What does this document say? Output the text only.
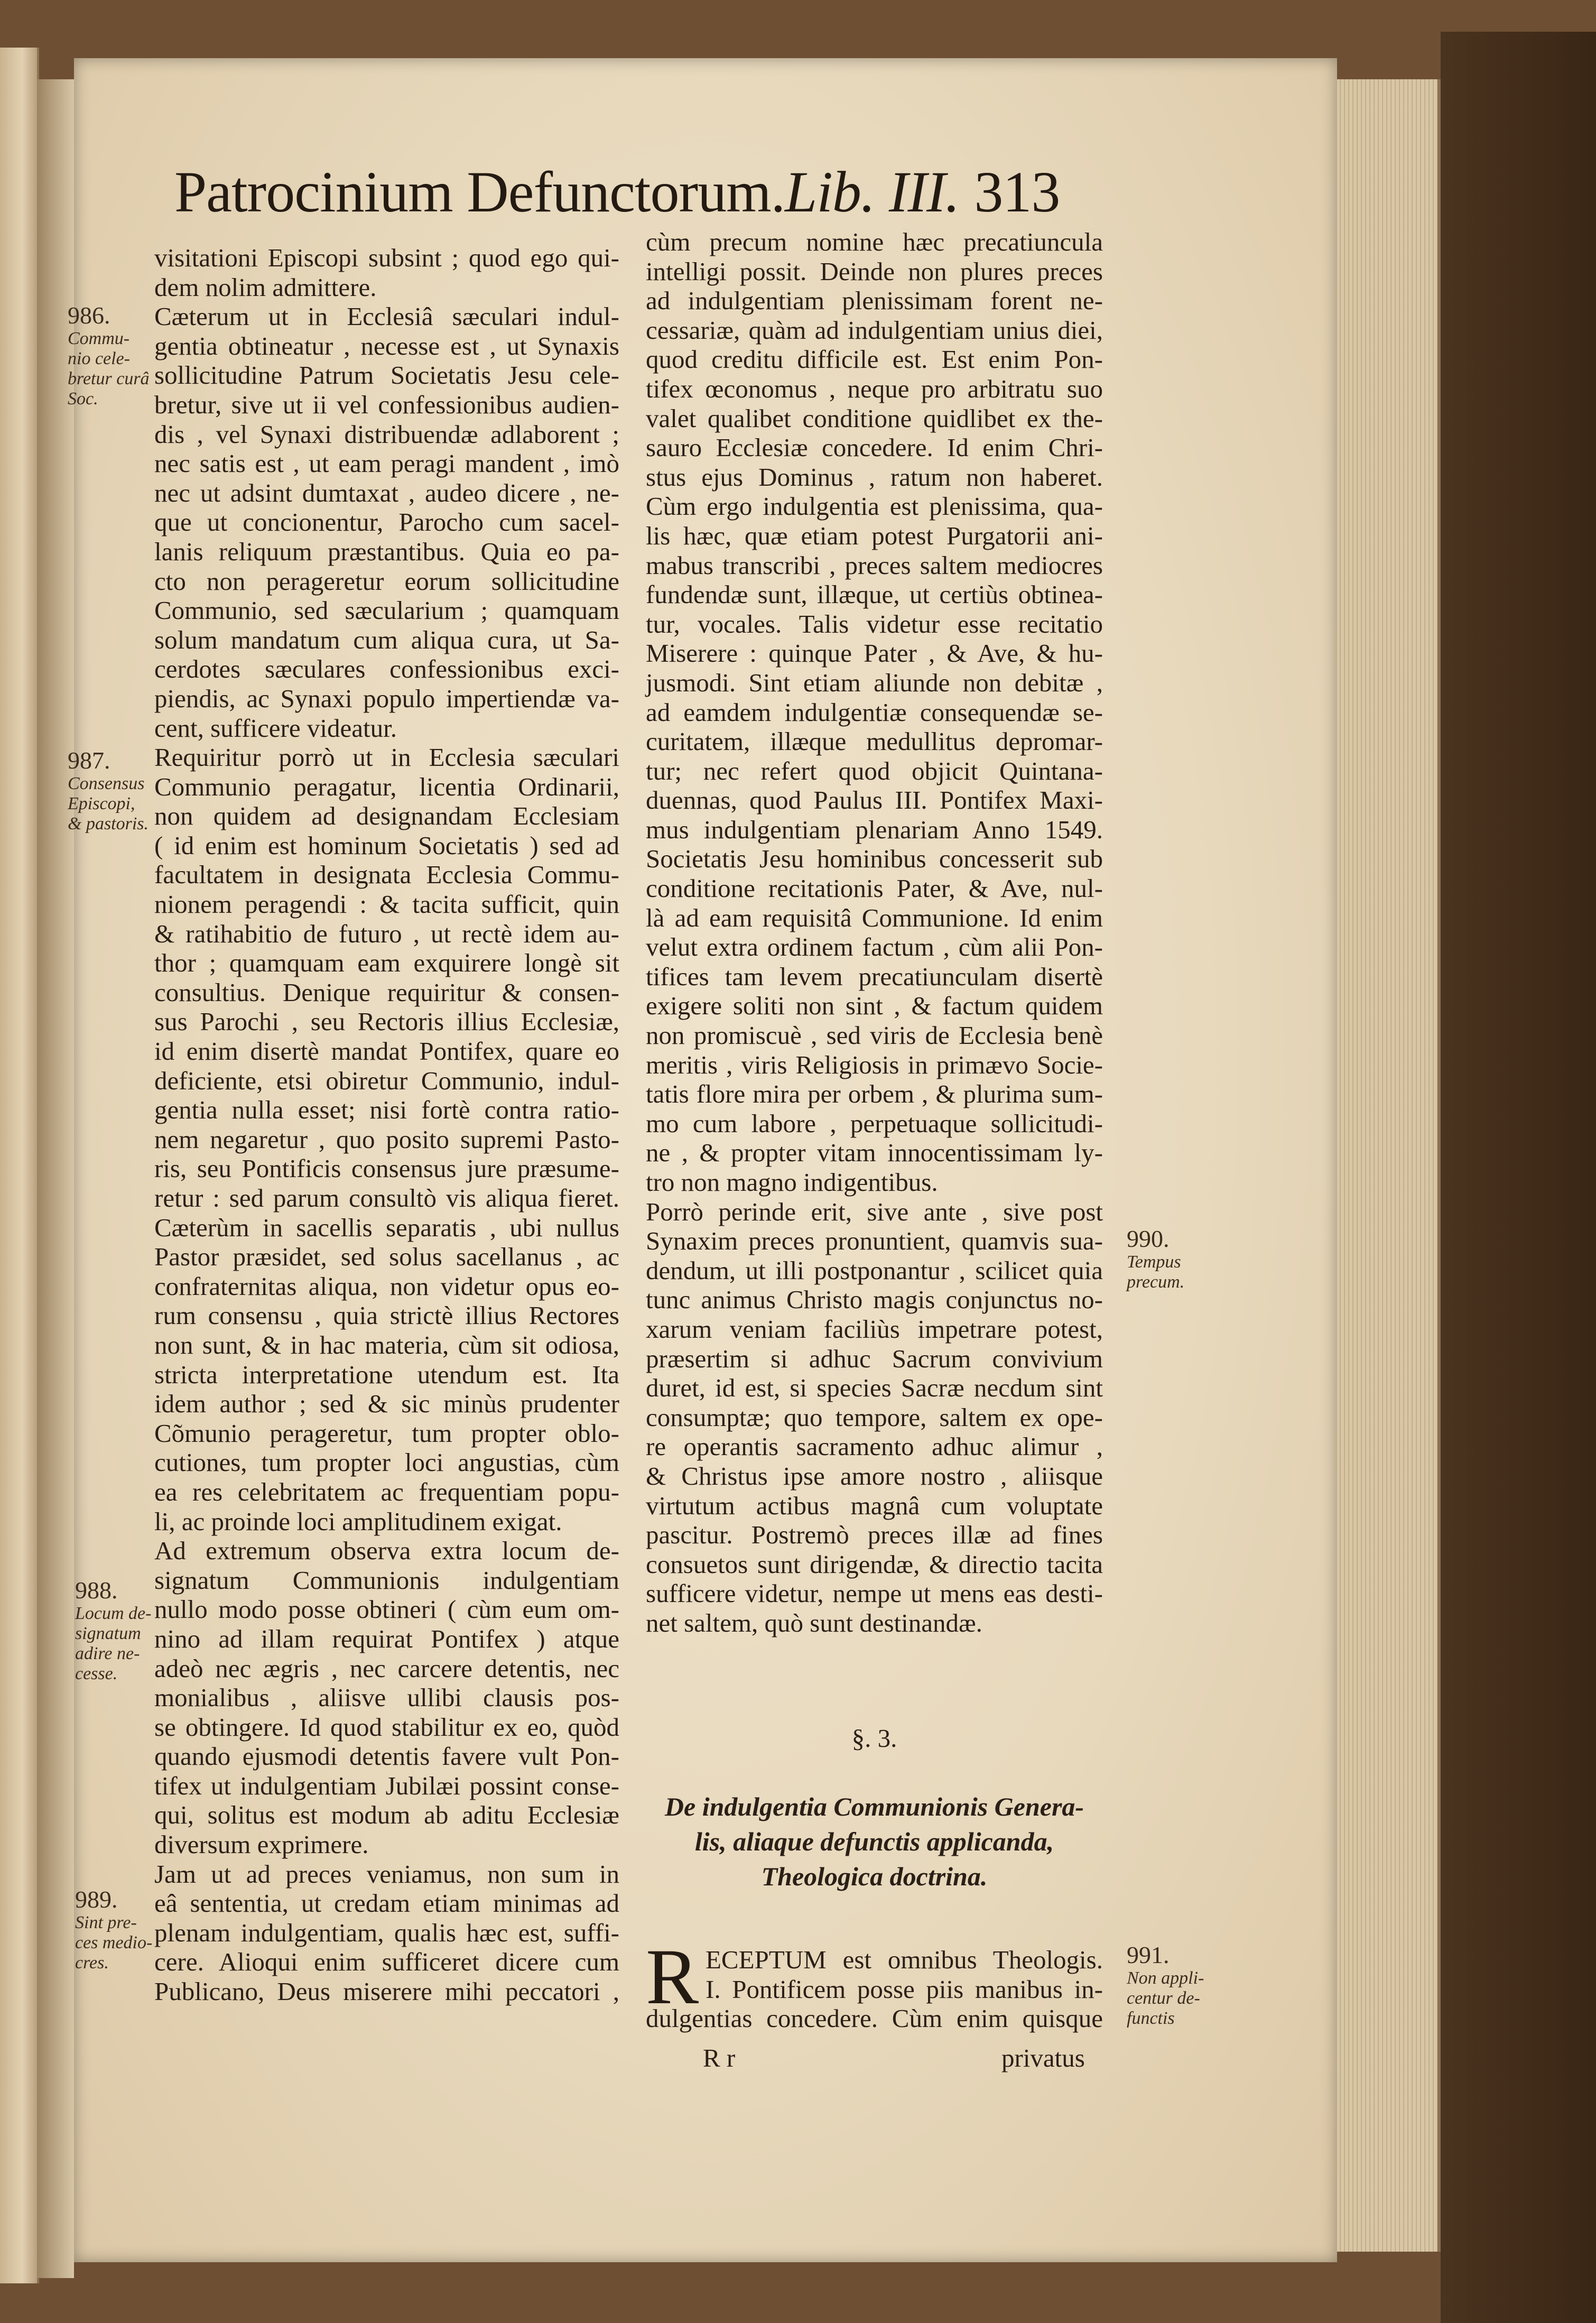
Patrocinium Defunctorum.Lib. III. 313
visitationi Episcopi subsint ; quod ego qui-
dem nolim admittere.
Cæterum ut in Ecclesiâ sæculari indul-
gentia obtineatur , necesse est , ut Synaxis
sollicitudine Patrum Societatis Jesu cele-
bretur, sive ut ii vel confessionibus audien-
dis , vel Synaxi distribuendæ adlaborent ;
nec satis est , ut eam peragi mandent , imò
nec ut adsint dumtaxat , audeo dicere , ne-
que ut concionentur, Parocho cum sacel-
lanis reliquum præstantibus. Quia eo pa-
cto non perageretur eorum sollicitudine
Communio, sed sæcularium ; quamquam
solum mandatum cum aliqua cura, ut Sa-
cerdotes sæculares confessionibus exci-
piendis, ac Synaxi populo impertiendæ va-
cent, sufficere videatur.
Requiritur porrò ut in Ecclesia sæculari
Communio peragatur, licentia Ordinarii,
non quidem ad designandam Ecclesiam
( id enim est hominum Societatis ) sed ad
facultatem in designata Ecclesia Commu-
nionem peragendi : & tacita sufficit, quin
& ratihabitio de futuro , ut rectè idem au-
thor ; quamquam eam exquirere longè sit
consultius. Denique requiritur & consen-
sus Parochi , seu Rectoris illius Ecclesiæ,
id enim disertè mandat Pontifex, quare eo
deficiente, etsi obiretur Communio, indul-
gentia nulla esset; nisi fortè contra ratio-
nem negaretur , quo posito supremi Pasto-
ris, seu Pontificis consensus jure præsume-
retur : sed parum consultò vis aliqua fieret.
Cæterùm in sacellis separatis , ubi nullus
Pastor præsidet, sed solus sacellanus , ac
confraternitas aliqua, non videtur opus eo-
rum consensu , quia strictè illius Rectores
non sunt, & in hac materia, cùm sit odiosa,
stricta interpretatione utendum est. Ita
idem author ; sed & sic minùs prudenter
Cõmunio perageretur, tum propter oblo-
cutiones, tum propter loci angustias, cùm
ea res celebritatem ac frequentiam popu-
li, ac proinde loci amplitudinem exigat.
Ad extremum observa extra locum de-
signatum Communionis indulgentiam
nullo modo posse obtineri ( cùm eum om-
nino ad illam requirat Pontifex ) atque
adeò nec ægris , nec carcere detentis, nec
monialibus , aliisve ullibi clausis pos-
se obtingere. Id quod stabilitur ex eo, quòd
quando ejusmodi detentis favere vult Pon-
tifex ut indulgentiam Jubilæi possint conse-
qui, solitus est modum ab aditu Ecclesiæ
diversum exprimere.
Jam ut ad preces veniamus, non sum in
eâ sententia, ut credam etiam minimas ad
plenam indulgentiam, qualis hæc est, suffi-
cere. Alioqui enim sufficeret dicere cum
Publicano, Deus miserere mihi peccatori ,
cùm precum nomine hæc precatiuncula
intelligi possit. Deinde non plures preces
ad indulgentiam plenissimam forent ne-
cessariæ, quàm ad indulgentiam unius diei,
quod creditu difficile est. Est enim Pon-
tifex œconomus , neque pro arbitratu suo
valet qualibet conditione quidlibet ex the-
sauro Ecclesiæ concedere. Id enim Chri-
stus ejus Dominus , ratum non haberet.
Cùm ergo indulgentia est plenissima, qua-
lis hæc, quæ etiam potest Purgatorii ani-
mabus transcribi , preces saltem mediocres
fundendæ sunt, illæque, ut certiùs obtinea-
tur, vocales. Talis videtur esse recitatio
Miserere : quinque Pater , & Ave, & hu-
jusmodi. Sint etiam aliunde non debitæ ,
ad eamdem indulgentiæ consequendæ se-
curitatem, illæque medullitus depromar-
tur; nec refert quod objicit Quintana-
duennas, quod Paulus III. Pontifex Maxi-
mus indulgentiam plenariam Anno 1549.
Societatis Jesu hominibus concesserit sub
conditione recitationis Pater, & Ave, nul-
là ad eam requisitâ Communione. Id enim
velut extra ordinem factum , cùm alii Pon-
tifices tam levem precatiunculam disertè
exigere soliti non sint , & factum quidem
non promiscuè , sed viris de Ecclesia benè
meritis , viris Religiosis in primævo Socie-
tatis flore mira per orbem , & plurima sum-
mo cum labore , perpetuaque sollicitudi-
ne , & propter vitam innocentissimam ly-
tro non magno indigentibus.
Porrò perinde erit, sive ante , sive post
Synaxim preces pronuntient, quamvis sua-
dendum, ut illi postponantur , scilicet quia
tunc animus Christo magis conjunctus no-
xarum veniam faciliùs impetrare potest,
præsertim si adhuc Sacrum convivium
duret, id est, si species Sacræ necdum sint
consumptæ; quo tempore, saltem ex ope-
re operantis sacramento adhuc alimur ,
& Christus ipse amore nostro , aliisque
virtutum actibus magnâ cum voluptate
pascitur. Postremò preces illæ ad fines
consuetos sunt dirigendæ, & directio tacita
sufficere videtur, nempe ut mens eas desti-
net saltem, quò sunt destinandæ.
§. 3.
De indulgentia Communionis Genera-
lis, aliaque defunctis applicanda,
Theologica doctrina.
R ECEPTUM est omnibus Theologis.
I. Pontificem posse piis manibus in-
dulgentias concedere. Cùm enim quisque
R r	privatus
986.
Commu-
nio cele-
bretur curâ
Soc.
987.
Consensus
Episcopi,
& pastoris.
988.
Locum de-
signatum
adire ne-
cesse.
989.
Sint pre-
ces medio-
cres.
990.
Tempus
precum.
991.
Non appli-
centur de-
functis
